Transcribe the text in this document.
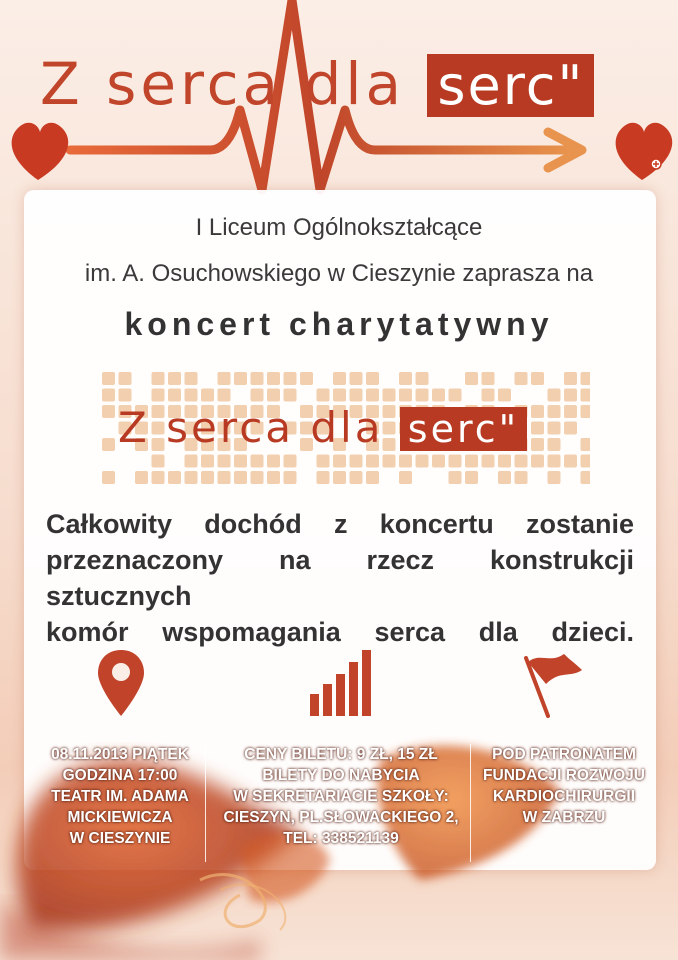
Z serca dla serc"
I Liceum Ogólnokształcące
im. A. Osuchowskiego w Cieszynie zaprasza na
koncert charytatywny
Z serca dla serc"
Całkowity dochód z koncertu zostanie
przeznaczony na rzecz konstrukcji sztucznych
komór wspomagania serca dla dzieci.
08.11.2013 PIĄTEK
GODZINA 17:00
TEATR IM. ADAMA
MICKIEWICZA
W CIESZYNIE
CENY BILETU: 9 ZŁ, 15 ZŁ
BILETY DO NABYCIA
W SEKRETARIACIE SZKOŁY:
CIESZYN, PL.SŁOWACKIEGO 2,
TEL: 338521139
POD PATRONATEM
FUNDACJI ROZWOJU
KARDIOCHIRURGII
W ZABRZU
